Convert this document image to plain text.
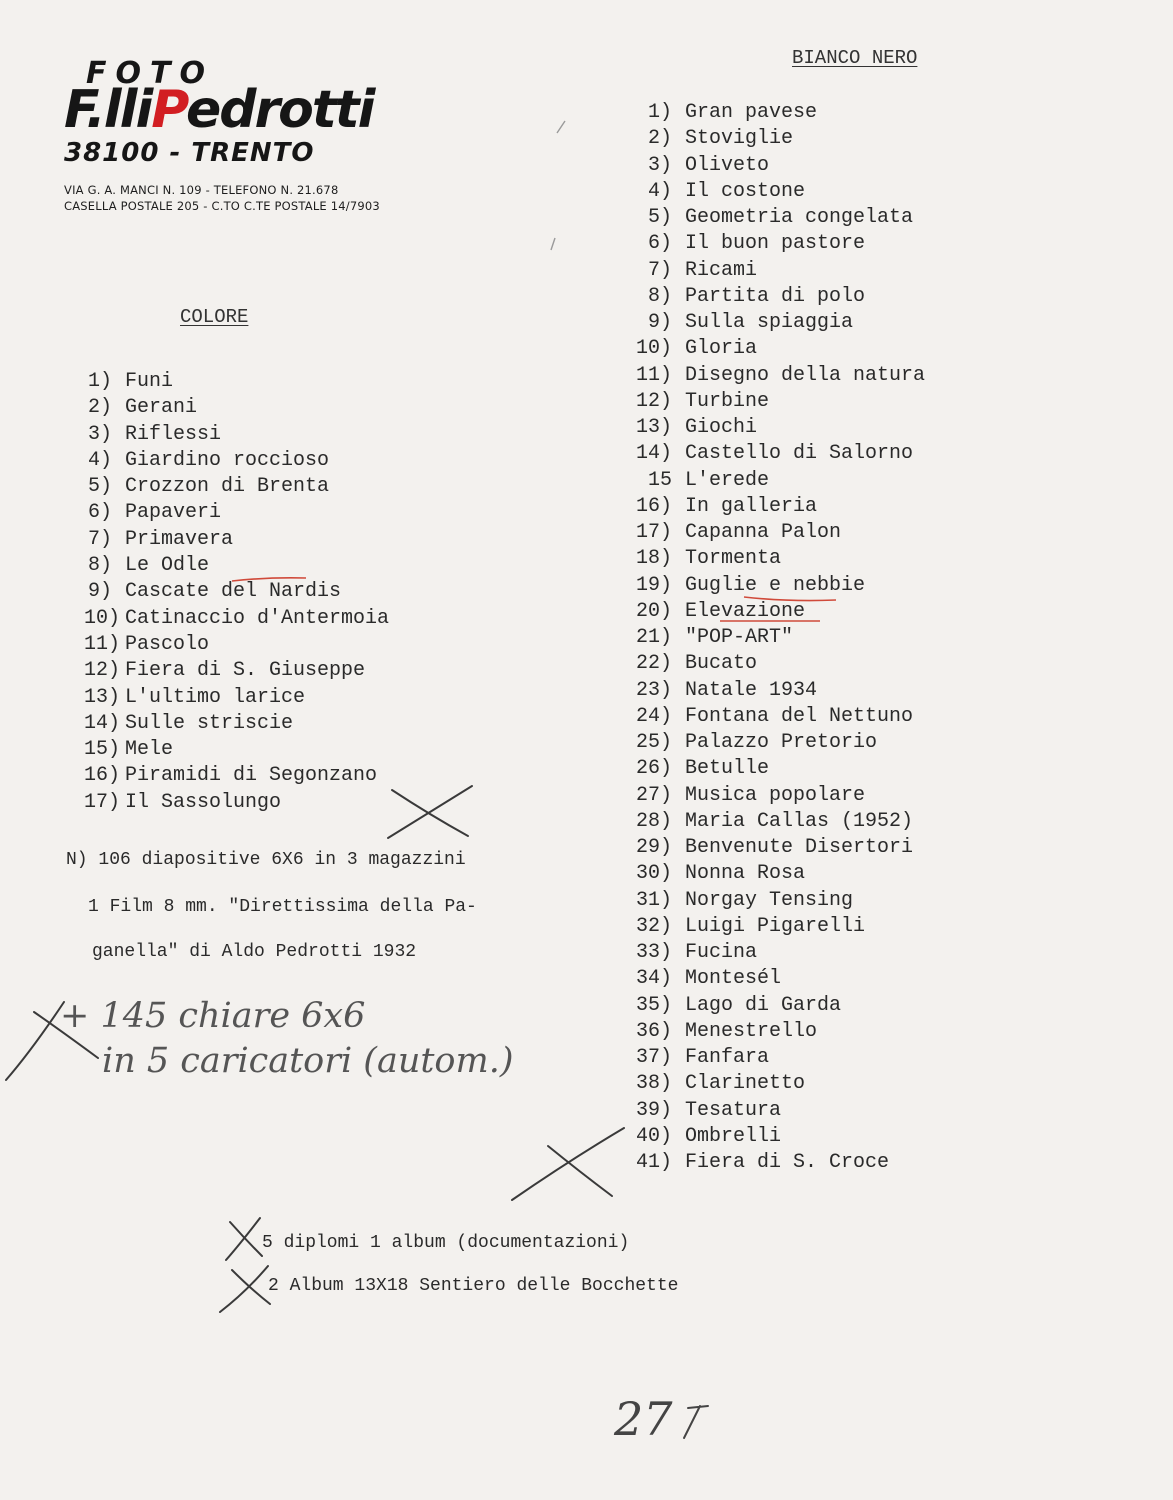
FOTO
F.lliPedrotti
38100 - TRENTO
VIA G. A. MANCI N. 109 - TELEFONO N. 21.678
CASELLA POSTALE 205 - C.TO C.TE POSTALE 14/7903
COLORE
1) Funi
2) Gerani
3) Riflessi
4) Giardino roccioso
5) Crozzon di Brenta
6) Papaveri
7) Primavera
8) Le Odle
9) Cascate del Nardis
10) Catinaccio d'Antermoia
11) Pascolo
12) Fiera di S. Giuseppe
13) L'ultimo larice
14) Sulle striscie
15) Mele
16) Piramidi di Segonzano
17) Il Sassolungo
BIANCO NERO
1) Gran pavese
2) Stoviglie
3) Oliveto
4) Il costone
5) Geometria congelata
6) Il buon pastore
7) Ricami
8) Partita di polo
9) Sulla spiaggia
10) Gloria
11) Disegno della natura
12) Turbine
13) Giochi
14) Castello di Salorno
15 L'erede
16) In galleria
17) Capanna Palon
18) Tormenta
19) Guglie e nebbie
20) Elevazione
21) "POP-ART"
22) Bucato
23) Natale 1934
24) Fontana del Nettuno
25) Palazzo Pretorio
26) Betulle
27) Musica popolare
28) Maria Callas (1952)
29) Benvenute Disertori
30) Nonna Rosa
31) Norgay Tensing
32) Luigi Pigarelli
33) Fucina
34) Montesél
35) Lago di Garda
36) Menestrello
37) Fanfara
38) Clarinetto
39) Tesatura
40) Ombrelli
41) Fiera di S. Croce
N) 106 diapositive 6X6 in 3 magazzini
1 Film 8 mm. "Direttissima della Pa-
ganella" di Aldo Pedrotti 1932
+ 145 chiare 6x6
in 5 caricatori (autom.)
5 diplomi 1 album (documentazioni)
2 Album 13X18 Sentiero delle Bocchette
27
